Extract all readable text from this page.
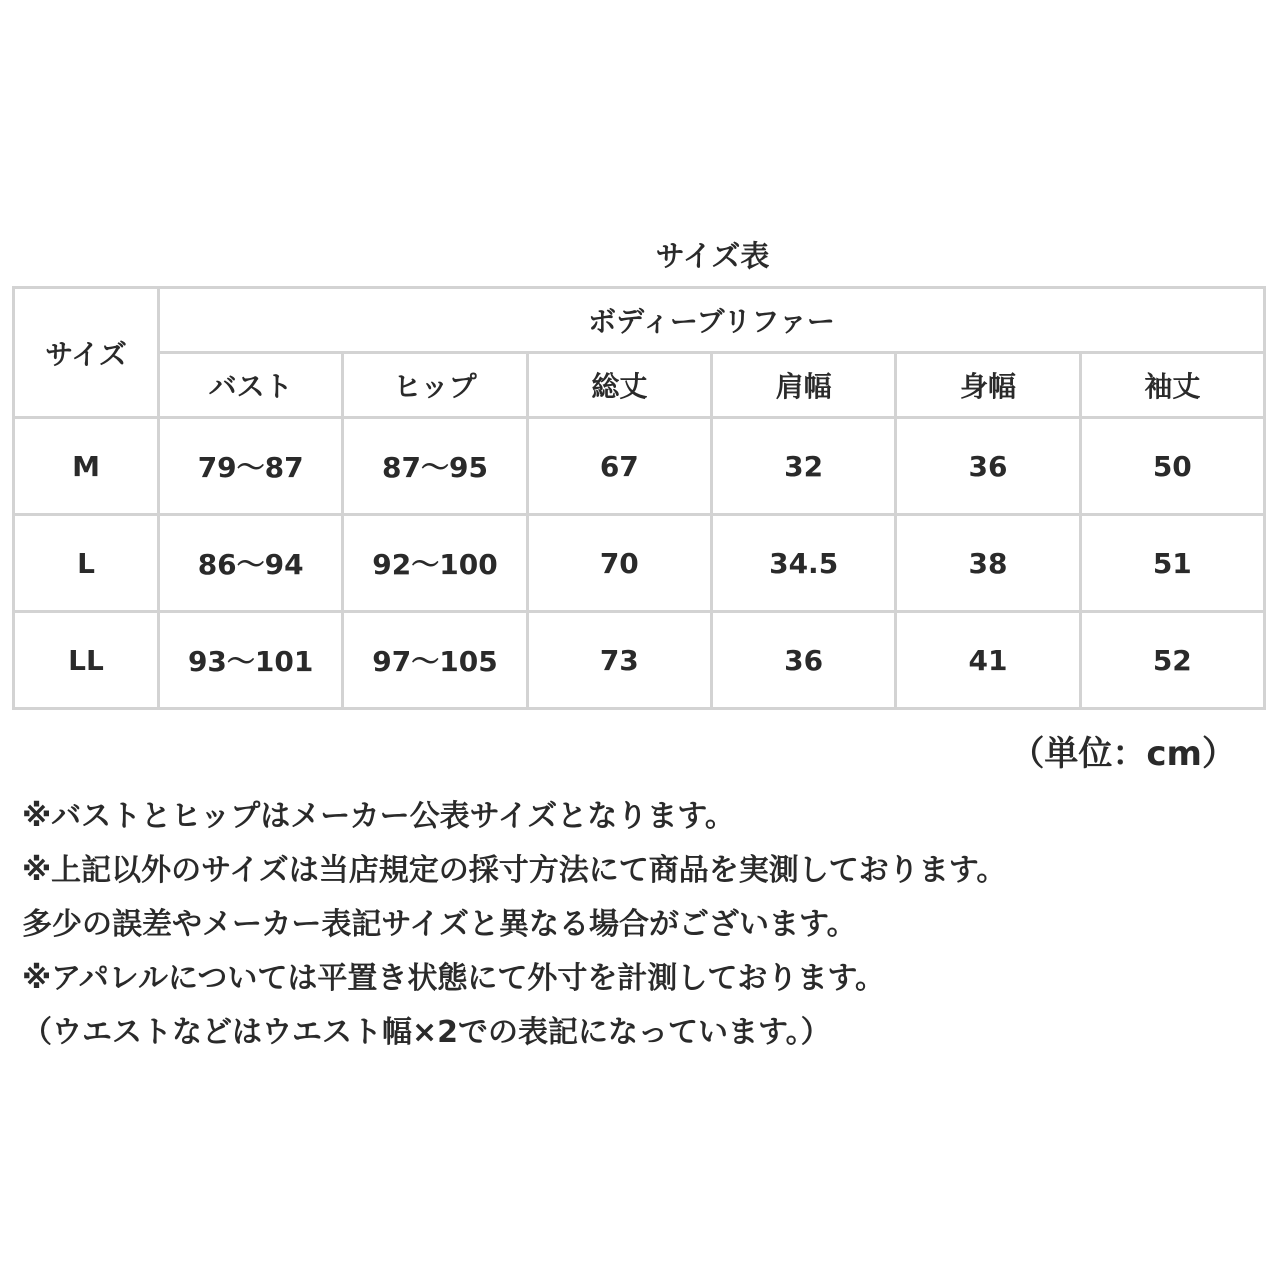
サイズ表
サイズ	ボディーブリファー					
	バスト	ヒップ	総丈	肩幅	身幅	袖丈
M	79～87	87～95	67	32	36	50
L	86～94	92～100	70	34.5	38	51
LL	93～101	97～105	73	36	41	52
（単位：cm）
※バストとヒップはメーカー公表サイズとなります。
※上記以外のサイズは当店規定の採寸方法にて商品を実測しております。
多少の誤差やメーカー表記サイズと異なる場合がございます。
※アパレルについては平置き状態にて外寸を計測しております。
（ウエストなどはウエスト幅×2での表記になっています。）
